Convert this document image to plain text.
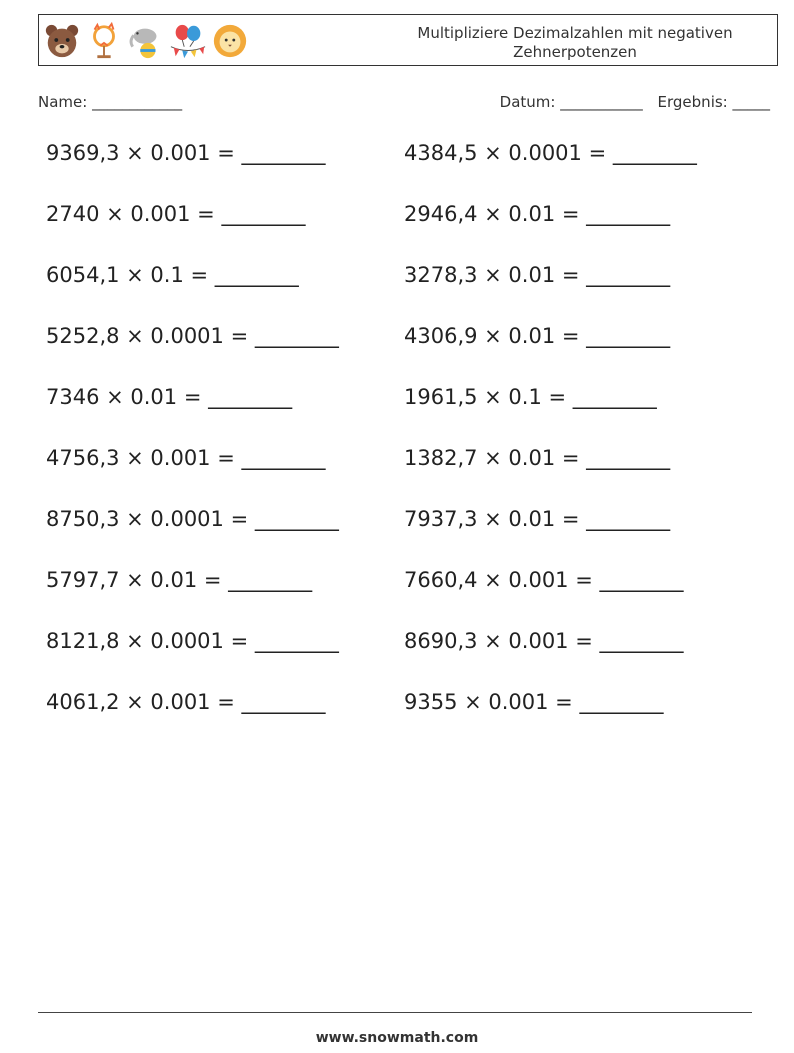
Multipliziere Dezimalzahlen mit negativen Zehnerpotenzen
Name: ____________	Datum: ___________ Ergebnis: _____
9369,3 × 0.001 = ________	4384,5 × 0.0001 = ________
2740 × 0.001 = ________	2946,4 × 0.01 = ________
6054,1 × 0.1 = ________	3278,3 × 0.01 = ________
5252,8 × 0.0001 = ________	4306,9 × 0.01 = ________
7346 × 0.01 = ________	1961,5 × 0.1 = ________
4756,3 × 0.001 = ________	1382,7 × 0.01 = ________
8750,3 × 0.0001 = ________	7937,3 × 0.01 = ________
5797,7 × 0.01 = ________	7660,4 × 0.001 = ________
8121,8 × 0.0001 = ________	8690,3 × 0.001 = ________
4061,2 × 0.001 = ________	9355 × 0.001 = ________
www.snowmath.com
